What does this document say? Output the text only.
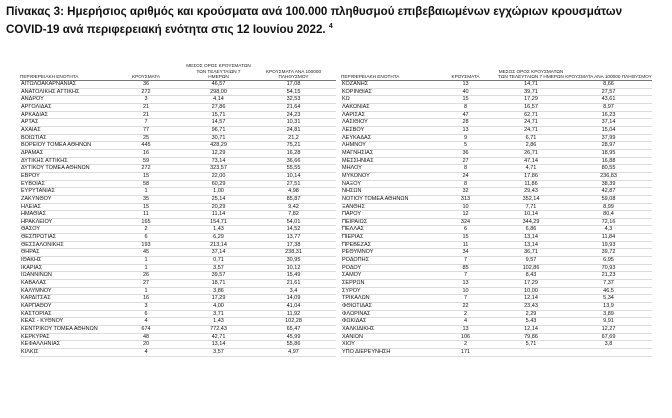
Πίνακας 3: Ημερήσιος αριθμός και κρούσματα ανά 100.000 πληθυσμού επιβεβαιωμένων εγχώριων κρουσμάτων
COVID-19 ανά περιφερειακή ενότητα στις 12 Ιουνίου 2022. $^4$
ΠΕΡΙΦΕΡΕΙΑΚΗ ΕΝΟΤΗΤΑ	ΚΡΟΥΣΜΑΤΑ	ΜΕΣΟΣ ΟΡΟΣ ΚΡΟΥΣΜΑΤΩΝ ΤΩΝ ΤΕΛΕΥΤΑΙΩΝ 7 ΗΜΕΡΩΝ	ΚΡΟΥΣΜΑΤΑ ΑΝΑ 100000 ΠΛΗΘΥΣΜΟΥ
ΑΙΤΩΛΟΑΚΑΡΝΑΝΙΑΣ	36	46,57	17,08
ΑΝΑΤΟΛΙΚΗΣ ΑΤΤΙΚΗΣ	272	298,00	54,15
ΑΝΔΡΟΥ	3	4,14	32,53
ΑΡΓΟΛΙΔΑΣ	21	27,86	21,64
ΑΡΚΑΔΙΑΣ	21	15,71	24,23
ΑΡΤΑΣ	7	14,57	10,31
ΑΧΑΪΑΣ	77	96,71	24,81
ΒΟΙΩΤΙΑΣ	25	30,71	21,2
ΒΟΡΕΙΟΥ ΤΟΜΕΑ ΑΘΗΝΩΝ	445	428,29	75,21
ΔΡΑΜΑΣ	16	12,29	16,28
ΔΥΤΙΚΗΣ ΑΤΤΙΚΗΣ	59	73,14	36,66
ΔΥΤΙΚΟΥ ΤΟΜΕΑ ΑΘΗΝΩΝ	272	323,57	55,55
ΕΒΡΟΥ	15	22,00	10,14
ΕΥΒΟΙΑΣ	58	60,29	27,51
ΕΥΡΥΤΑΝΙΑΣ	1	1,00	4,98
ΖΑΚΥΝΘΟΥ	35	25,14	85,87
ΗΛΕΙΑΣ	15	20,29	9,42
ΗΜΑΘΙΑΣ	11	11,14	7,82
ΗΡΑΚΛΕΙΟΥ	165	154,71	54,01
ΘΑΣΟΥ	2	1,43	14,52
ΘΕΣΠΡΩΤΙΑΣ	6	6,29	13,77
ΘΕΣΣΑΛΟΝΙΚΗΣ	193	213,14	17,38
ΘΗΡΑΣ	45	37,14	238,31
ΙΘΑΚΗΣ	1	0,71	30,95
ΙΚΑΡΙΑΣ	1	3,57	10,12
ΙΩΑΝΝΙΝΩΝ	26	39,57	15,49
ΚΑΒΑΛΑΣ	27	18,71	21,61
ΚΑΛΥΜΝΟΥ	1	3,86	3,4
ΚΑΡΔΙΤΣΑΣ	16	17,29	14,09
ΚΑΡΠΑΘΟΥ	3	4,00	41,04
ΚΑΣΤΟΡΙΑΣ	6	3,71	11,92
ΚΕΑΣ - ΚΥΘΝΟΥ	4	1,43	102,28
ΚΕΝΤΡΙΚΟΥ ΤΟΜΕΑ ΑΘΗΝΩΝ	674	772,43	65,47
ΚΕΡΚΥΡΑΣ	48	42,71	45,99
ΚΕΦΑΛΛΗΝΙΑΣ	20	13,14	55,86
ΚΙΛΚΙΣ	4	3,57	4,97
ΠΕΡΙΦΕΡΕΙΑΚΗ ΕΝΟΤΗΤΑ	ΚΡΟΥΣΜΑΤΑ	ΜΕΣΟΣ ΟΡΟΣ ΚΡΟΥΣΜΑΤΩΝ ΤΩΝ ΤΕΛΕΥΤΑΙΩΝ 7 ΗΜΕΡΩΝ	ΚΡΟΥΣΜΑΤΑ ΑΝΑ 100000 ΠΛΗΘΥΣΜΟΥ
ΚΟΖΑΝΗΣ	13	14,71	8,66
ΚΟΡΙΝΘΙΑΣ	40	39,71	27,57
ΚΩ	15	17,29	43,61
ΛΑΚΩΝΙΑΣ	8	16,57	8,97
ΛΑΡΙΣΑΣ	47	62,71	16,23
ΛΑΣΙΘΙΟΥ	28	24,71	37,14
ΛΕΣΒΟΥ	13	24,71	15,04
ΛΕΥΚΑΔΑΣ	9	6,71	37,99
ΛΗΜΝΟΥ	5	2,86	28,97
ΜΑΓΝΗΣΙΑΣ	36	26,71	18,95
ΜΕΣΣΗΝΙΑΣ	27	47,14	16,88
ΜΗΛΟΥ	8	4,71	80,55
ΜΥΚΟΝΟΥ	24	17,86	236,83
ΝΑΞΟΥ	8	11,86	38,39
ΝΗΣΩΝ	32	29,43	42,87
ΝΟΤΙΟΥ ΤΟΜΕΑ ΑΘΗΝΩΝ	313	352,14	59,08
ΞΑΝΘΗΣ	10	7,71	8,99
ΠΑΡΟΥ	12	10,14	80,4
ΠΕΙΡΑΙΩΣ	324	344,29	72,16
ΠΕΛΛΑΣ	6	6,86	4,3
ΠΙΕΡΙΑΣ	15	13,14	11,84
ΠΡΕΒΕΖΑΣ	11	13,14	19,93
ΡΕΘΥΜΝΟΥ	34	36,71	39,72
ΡΟΔΟΠΗΣ	7	9,57	6,95
ΡΟΔΟΥ	85	102,86	70,93
ΣΑΜΟΥ	7	8,43	21,23
ΣΕΡΡΩΝ	13	17,29	7,37
ΣΥΡΟΥ	10	10,00	46,5
ΤΡΙΚΑΛΩΝ	7	12,14	5,34
ΦΘΙΩΤΙΔΑΣ	22	23,43	13,9
ΦΛΩΡΙΝΑΣ	2	2,29	3,89
ΦΩΚΙΔΑΣ	4	5,43	9,91
ΧΑΛΚΙΔΙΚΗΣ	13	12,14	12,27
ΧΑΝΙΩΝ	106	79,86	67,69
ΧΙΟΥ	2	5,71	3,8
ΥΠΟ ΔΙΕΡΕΥΝΗΣΗ	171		
